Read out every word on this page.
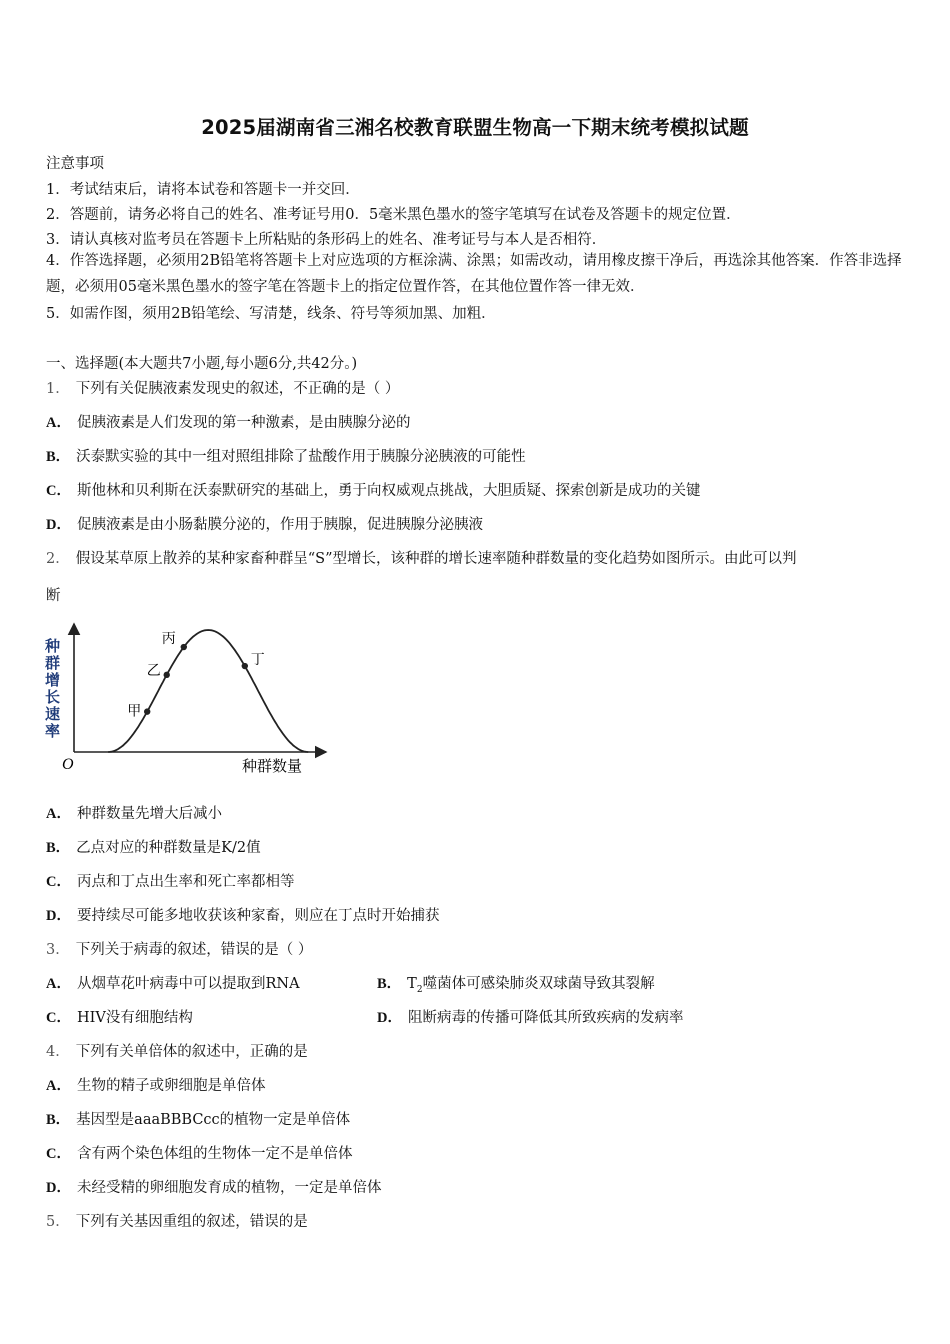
2025届湖南省三湘名校教育联盟生物高一下期末统考模拟试题
注意事项
1．考试结束后，请将本试卷和答题卡一并交回．
2．答题前，请务必将自己的姓名、准考证号用0．5毫米黑色墨水的签字笔填写在试卷及答题卡的规定位置．
3．请认真核对监考员在答题卡上所粘贴的条形码上的姓名、准考证号与本人是否相符．
4．作答选择题，必须用2B铅笔将答题卡上对应选项的方框涂满、涂黑；如需改动，请用橡皮擦干净后，再选涂其他答案．作答非选择题，必须用05毫米黑色墨水的签字笔在答题卡上的指定位置作答，在其他位置作答一律无效．
5．如需作图，须用2B铅笔绘、写清楚，线条、符号等须加黑、加粗．
一、选择题(本大题共7小题,每小题6分,共42分。)
1． 下列有关促胰液素发现史的叙述，不正确的是（ ）
A． 促胰液素是人们发现的第一种激素，是由胰腺分泌的
B． 沃泰默实验的其中一组对照组排除了盐酸作用于胰腺分泌胰液的可能性
C． 斯他林和贝利斯在沃泰默研究的基础上，勇于向权威观点挑战，大胆质疑、探索创新是成功的关键
D． 促胰液素是由小肠黏膜分泌的，作用于胰腺，促进胰腺分泌胰液
2． 假设某草原上散养的某种家畜种群呈“S”型增长，该种群的增长速率随种群数量的变化趋势如图所示。由此可以判
断
甲
乙
丙
丁
种群增长速率
O	种群数量
A． 种群数量先增大后减小
B． 乙点对应的种群数量是K/2值
C． 丙点和丁点出生率和死亡率都相等
D． 要持续尽可能多地收获该种家畜，则应在丁点时开始捕获
3． 下列关于病毒的叙述，错误的是（ ）
A． 从烟草花叶病毒中可以提取到RNA	B． $T_2$噬菌体可感染肺炎双球菌导致其裂解
C． HIV没有细胞结构	D． 阻断病毒的传播可降低其所致疾病的发病率
4． 下列有关单倍体的叙述中，正确的是
A． 生物的精子或卵细胞是单倍体
B． 基因型是aaaBBBCcc的植物一定是单倍体
C． 含有两个染色体组的生物体一定不是单倍体
D． 未经受精的卵细胞发育成的植物，一定是单倍体
5． 下列有关基因重组的叙述，错误的是
